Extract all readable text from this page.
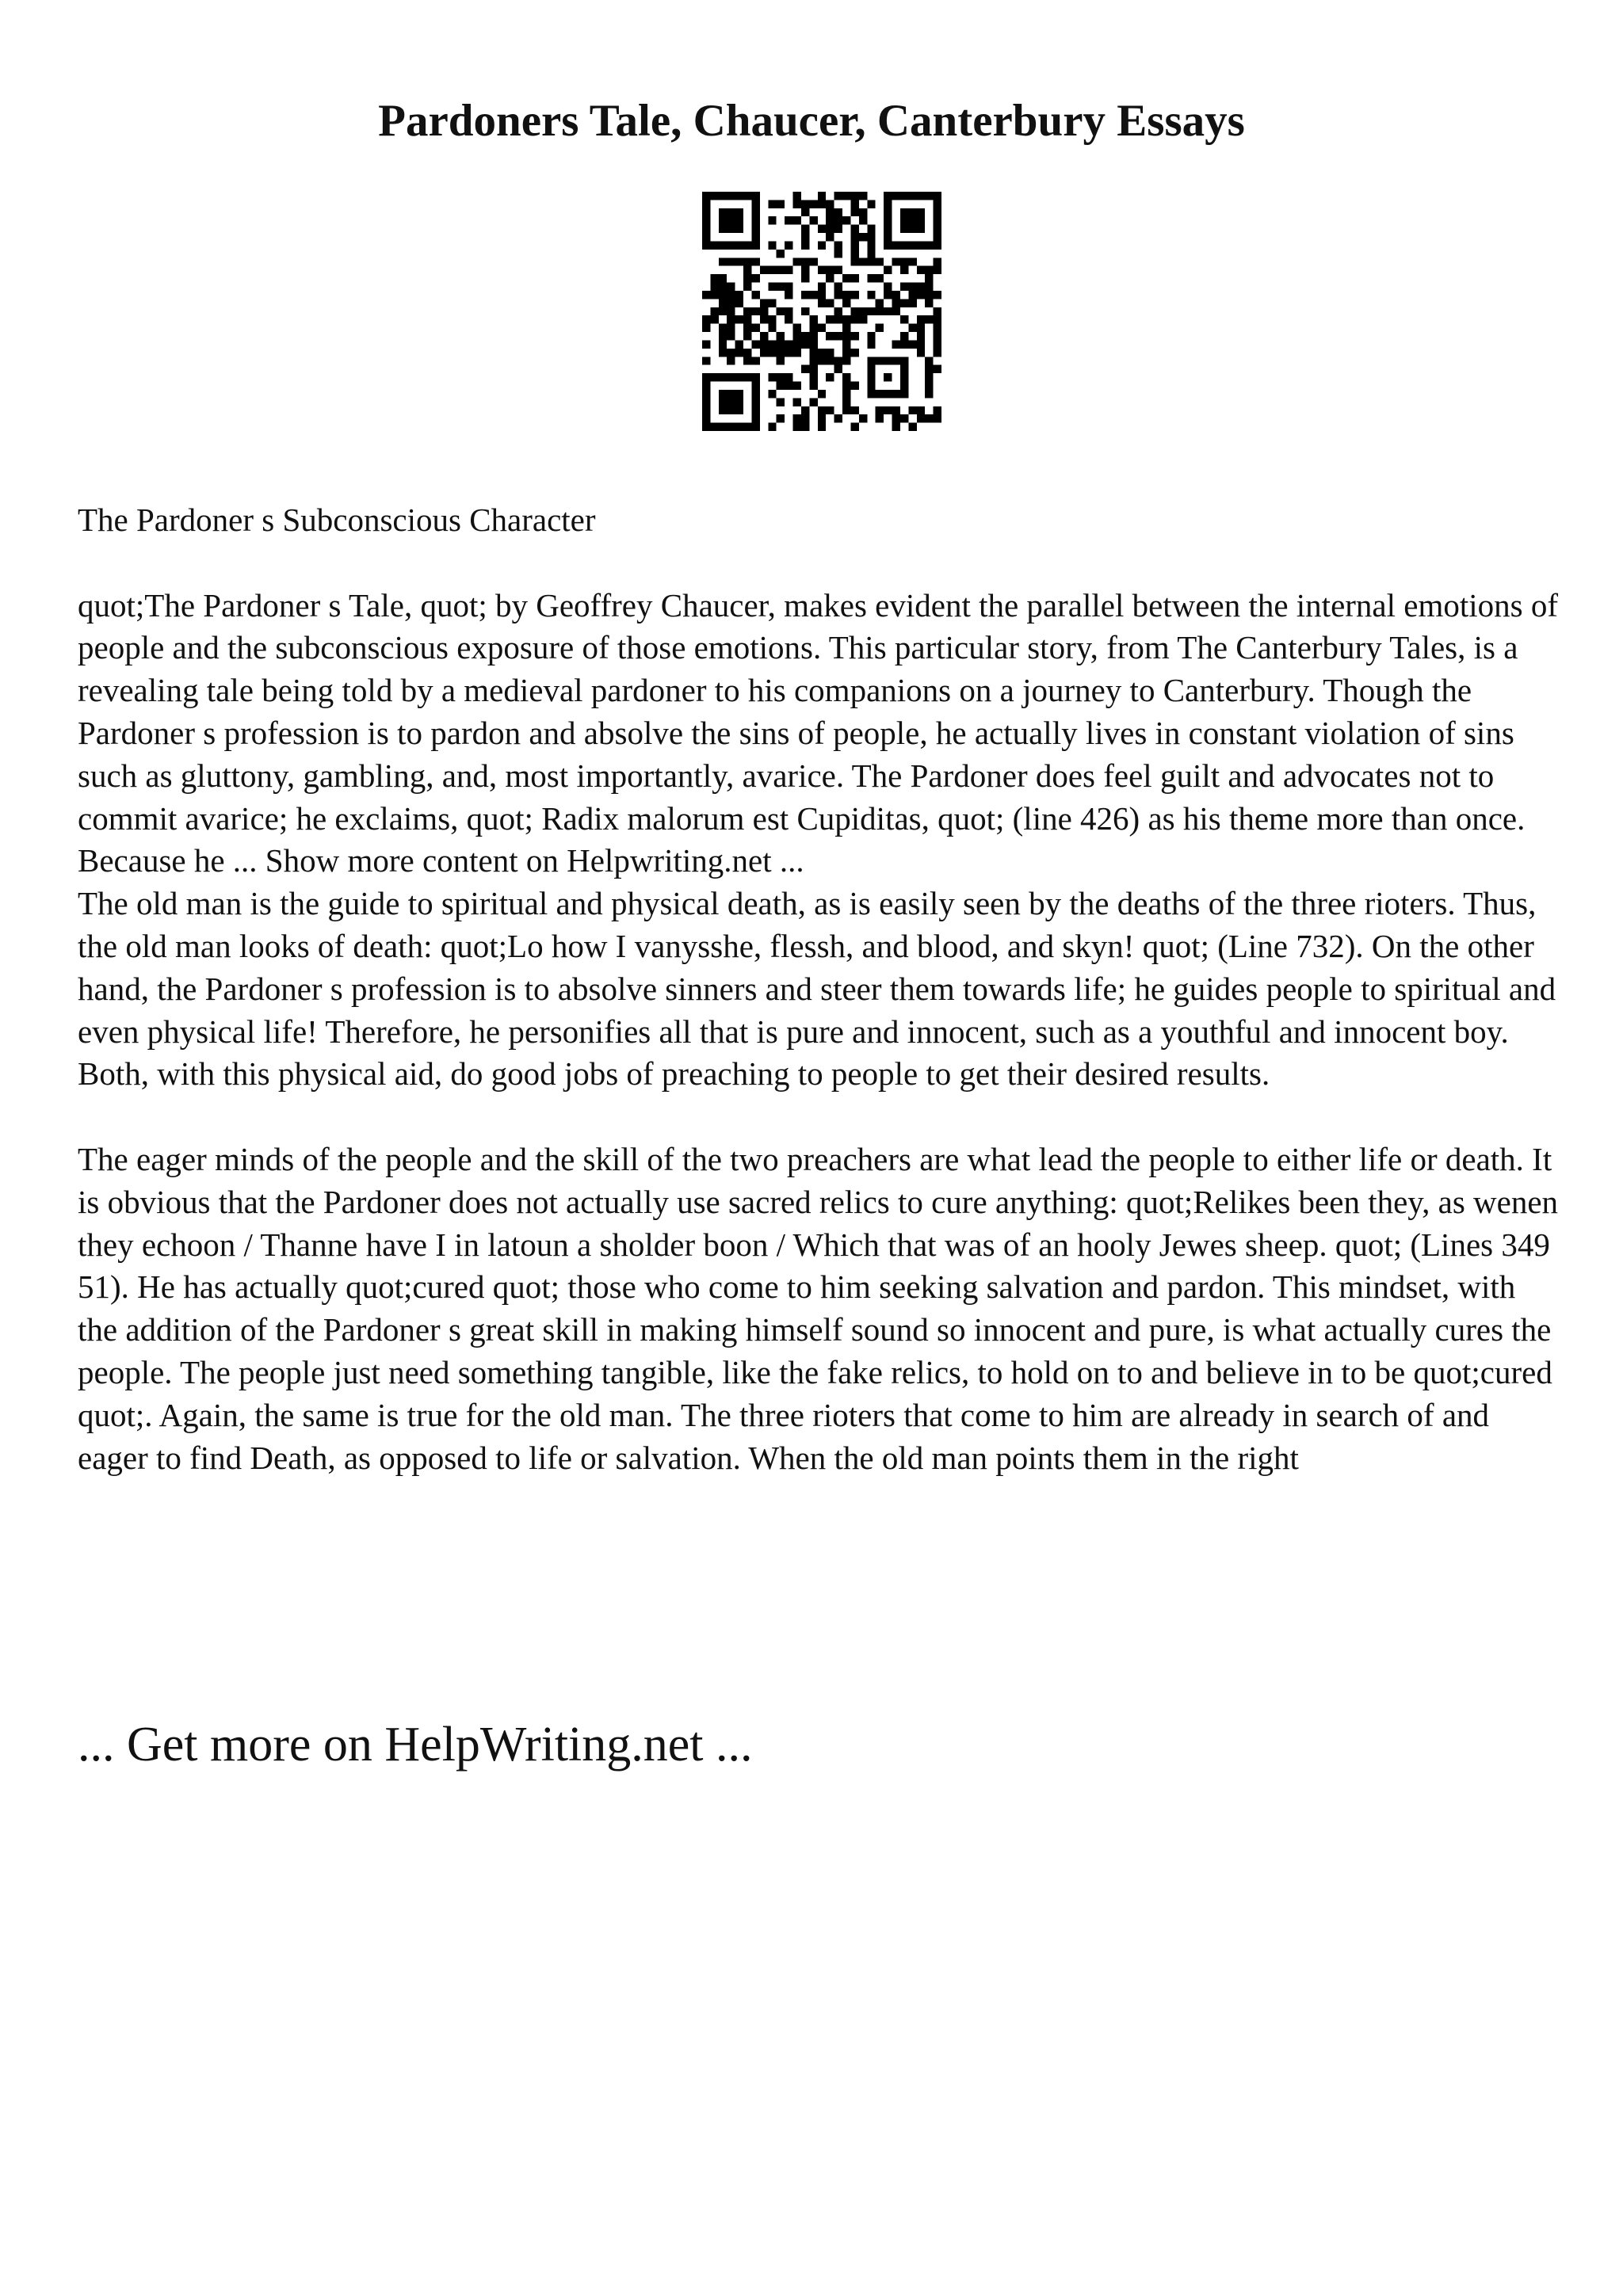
Pardoners Tale, Chaucer, Canterbury Essays

The Pardoner s Subconscious Character

quot;The Pardoner s Tale, quot; by Geoffrey Chaucer, makes evident the parallel between the internal emotions of people and the subconscious exposure of those emotions. This particular story, from The Canterbury Tales, is a revealing tale being told by a medieval pardoner to his companions on a journey to Canterbury. Though the Pardoner s profession is to pardon and absolve the sins of people, he actually lives in constant violation of sins such as gluttony, gambling, and, most importantly, avarice. The Pardoner does feel guilt and advocates not to commit avarice; he exclaims, quot; Radix malorum est Cupiditas, quot; (line 426) as his theme more than once. Because he ... Show more content on Helpwriting.net ...

The old man is the guide to spiritual and physical death, as is easily seen by the deaths of the three rioters. Thus, the old man looks of death: quot;Lo how I vanysshe, flessh, and blood, and skyn! quot; (Line 732). On the other hand, the Pardoner s profession is to absolve sinners and steer them towards life; he guides people to spiritual and even physical life! Therefore, he personifies all that is pure and innocent, such as a youthful and innocent boy. Both, with this physical aid, do good jobs of preaching to people to get their desired results.

The eager minds of the people and the skill of the two preachers are what lead the people to either life or death. It is obvious that the Pardoner does not actually use sacred relics to cure anything: quot;Relikes been they, as wenen they echoon / Thanne have I in latoun a sholder boon / Which that was of an hooly Jewes sheep. quot; (Lines 349 51). He has actually quot;cured quot; those who come to him seeking salvation and pardon. This mindset, with the addition of the Pardoner s great skill in making himself sound so innocent and pure, is what actually cures the people. The people just need something tangible, like the fake relics, to hold on to and believe in to be quot;cured quot;. Again, the same is true for the old man. The three rioters that come to him are already in search of and eager to find Death, as opposed to life or salvation. When the old man points them in the right

... Get more on HelpWriting.net ...
